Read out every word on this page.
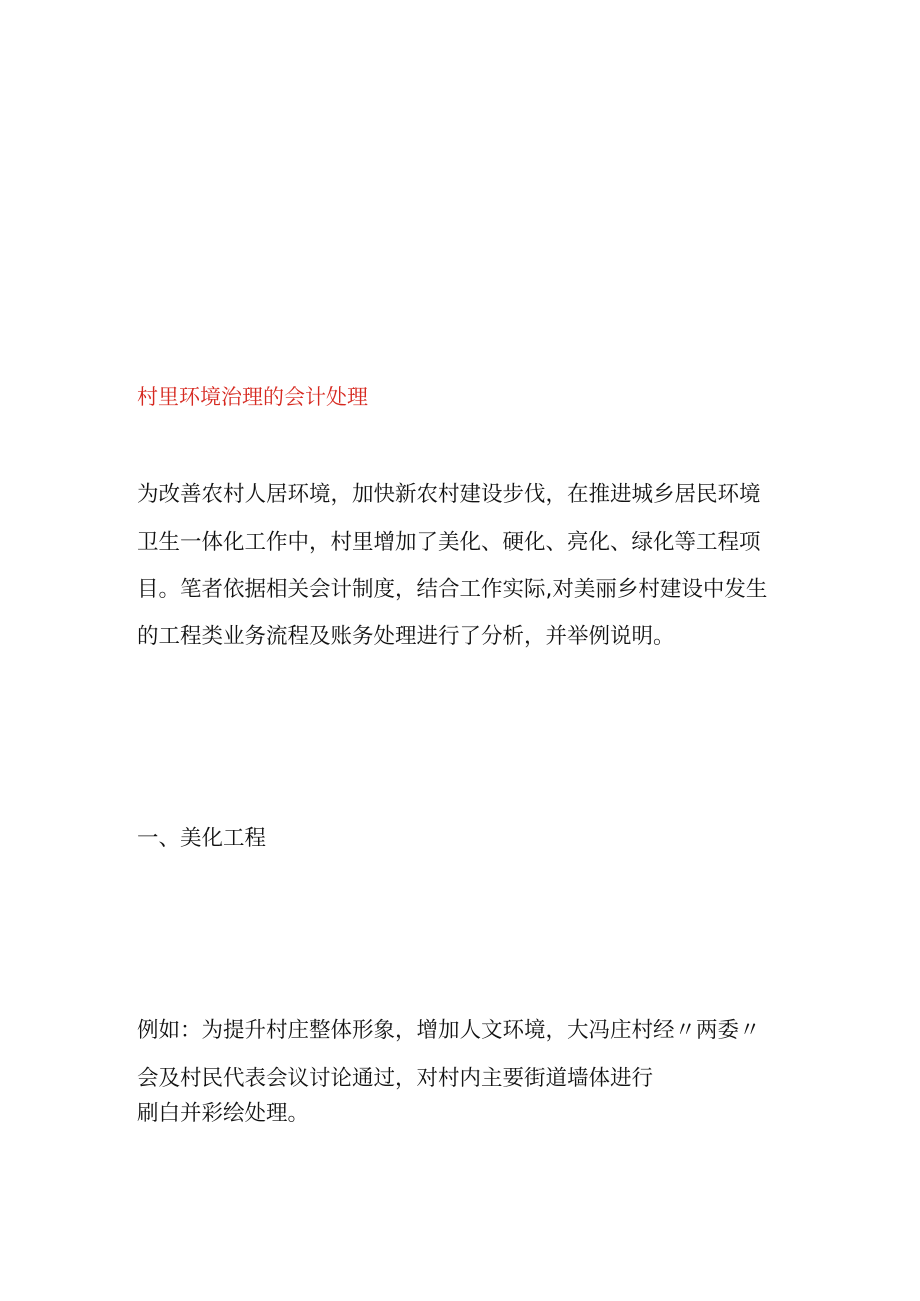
村里环境治理的会计处理
为改善农村人居环境，加快新农村建设步伐，在推进城乡居民环境
卫生一体化工作中，村里增加了美化、硬化、亮化、绿化等工程项
目。笔者依据相关会计制度，结合工作实际,对美丽乡村建设中发生
的工程类业务流程及账务处理进行了分析，并举例说明。
一、美化工程
例如：为提升村庄整体形象，增加人文环境，大冯庄村经〃两委〃
会及村民代表会议讨论通过，对村内主要街道墙体进行
刷白并彩绘处理。
